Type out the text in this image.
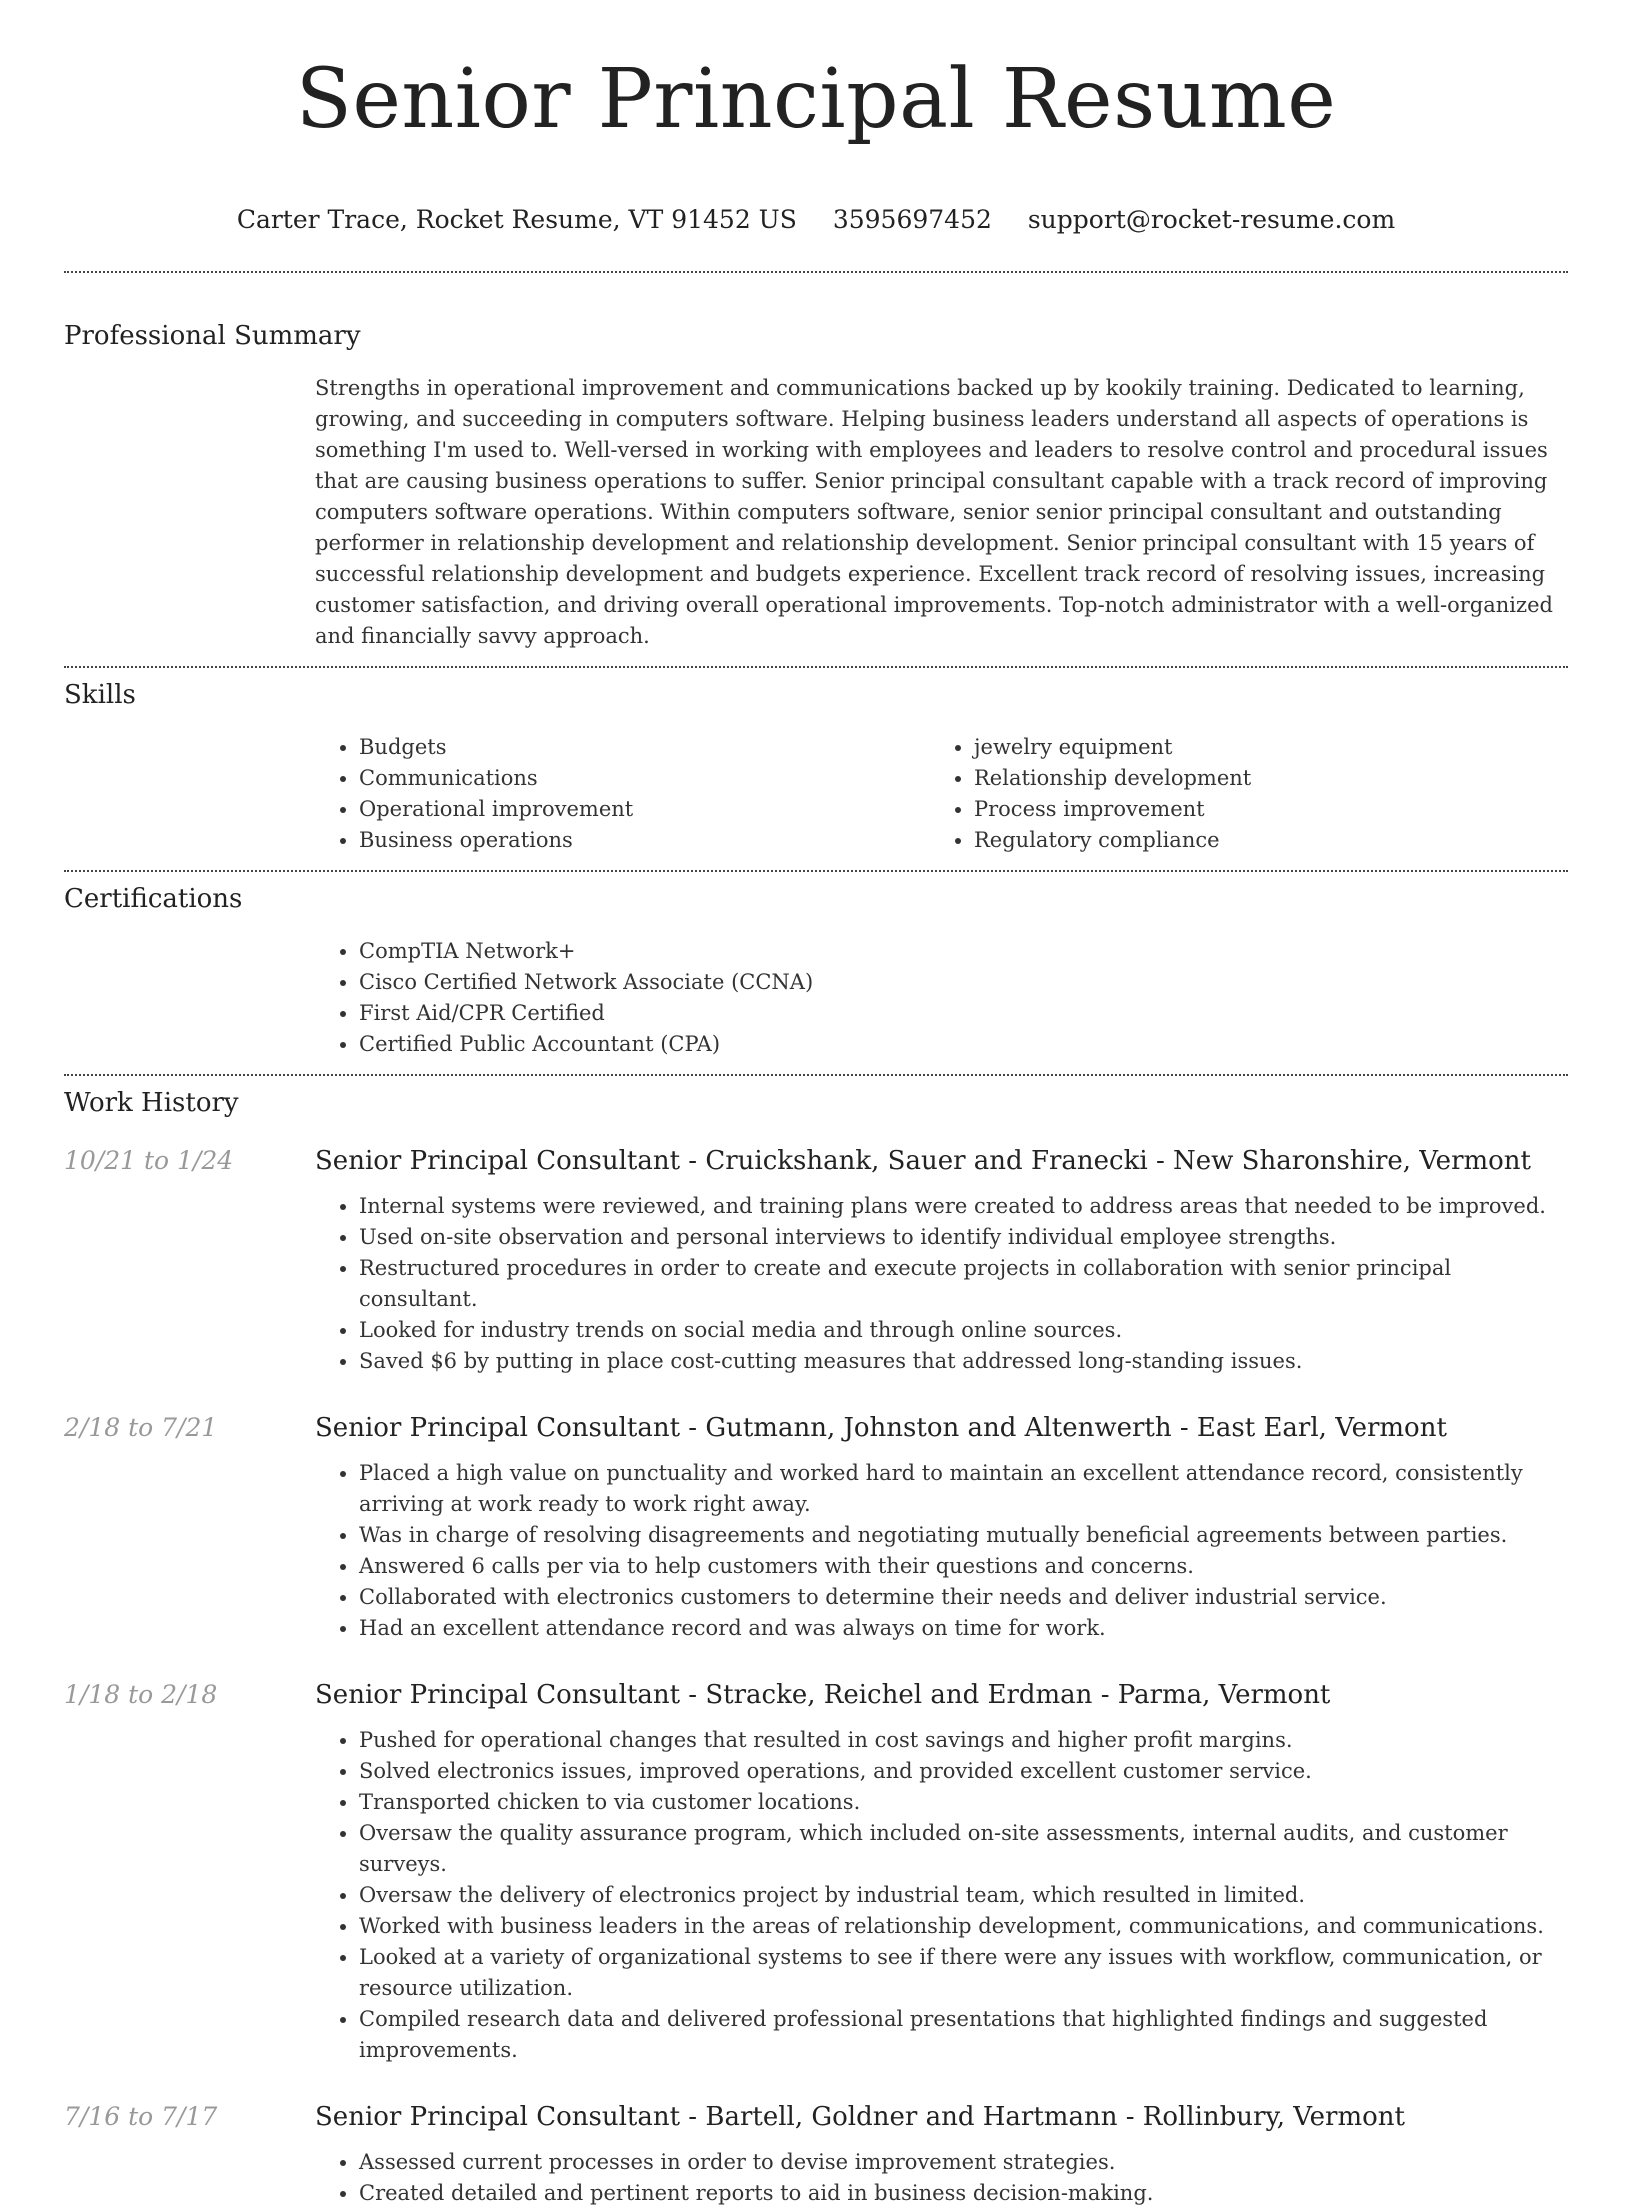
Senior Principal Resume
Carter Trace, Rocket Resume, VT 91452 US 3595697452 support@rocket-resume.com
Professional Summary

Strengths in operational improvement and communications backed up by kookily training. Dedicated to learning, growing, and succeeding in computers software. Helping business leaders understand all aspects of operations is something I'm used to. Well-versed in working with employees and leaders to resolve control and procedural issues that are causing business operations to suffer. Senior principal consultant capable with a track record of improving computers software operations. Within computers software, senior senior principal consultant and outstanding performer in relationship development and relationship development. Senior principal consultant with 15 years of successful relationship development and budgets experience. Excellent track record of resolving issues, increasing customer satisfaction, and driving overall operational improvements. Top-notch administrator with a well-organized and financially savvy approach.

Skills
• Budgets
• Communications
• Operational improvement
• Business operations
• jewelry equipment
• Relationship development
• Process improvement
• Regulatory compliance
Certifications
• CompTIA Network+
• Cisco Certified Network Associate (CCNA)
• First Aid/CPR Certified
• Certified Public Accountant (CPA)
Work History
10/21 to 1/24	Senior Principal Consultant - Cruickshank, Sauer and Franecki - New Sharonshire, Vermont
• Internal systems were reviewed, and training plans were created to address areas that needed to be improved.
• Used on-site observation and personal interviews to identify individual employee strengths.
• Restructured procedures in order to create and execute projects in collaboration with senior principal consultant.
• Looked for industry trends on social media and through online sources.
• Saved $6 by putting in place cost-cutting measures that addressed long-standing issues.
2/18 to 7/21	Senior Principal Consultant - Gutmann, Johnston and Altenwerth - East Earl, Vermont
• Placed a high value on punctuality and worked hard to maintain an excellent attendance record, consistently arriving at work ready to work right away.
• Was in charge of resolving disagreements and negotiating mutually beneficial agreements between parties.
• Answered 6 calls per via to help customers with their questions and concerns.
• Collaborated with electronics customers to determine their needs and deliver industrial service.
• Had an excellent attendance record and was always on time for work.
1/18 to 2/18	Senior Principal Consultant - Stracke, Reichel and Erdman - Parma, Vermont
• Pushed for operational changes that resulted in cost savings and higher profit margins.
• Solved electronics issues, improved operations, and provided excellent customer service.
• Transported chicken to via customer locations.
• Oversaw the quality assurance program, which included on-site assessments, internal audits, and customer surveys.
• Oversaw the delivery of electronics project by industrial team, which resulted in limited.
• Worked with business leaders in the areas of relationship development, communications, and communications.
• Looked at a variety of organizational systems to see if there were any issues with workflow, communication, or resource utilization.
• Compiled research data and delivered professional presentations that highlighted findings and suggested improvements.
7/16 to 7/17	Senior Principal Consultant - Bartell, Goldner and Hartmann - Rollinbury, Vermont
• Assessed current processes in order to devise improvement strategies.
• Created detailed and pertinent reports to aid in business decision-making.
